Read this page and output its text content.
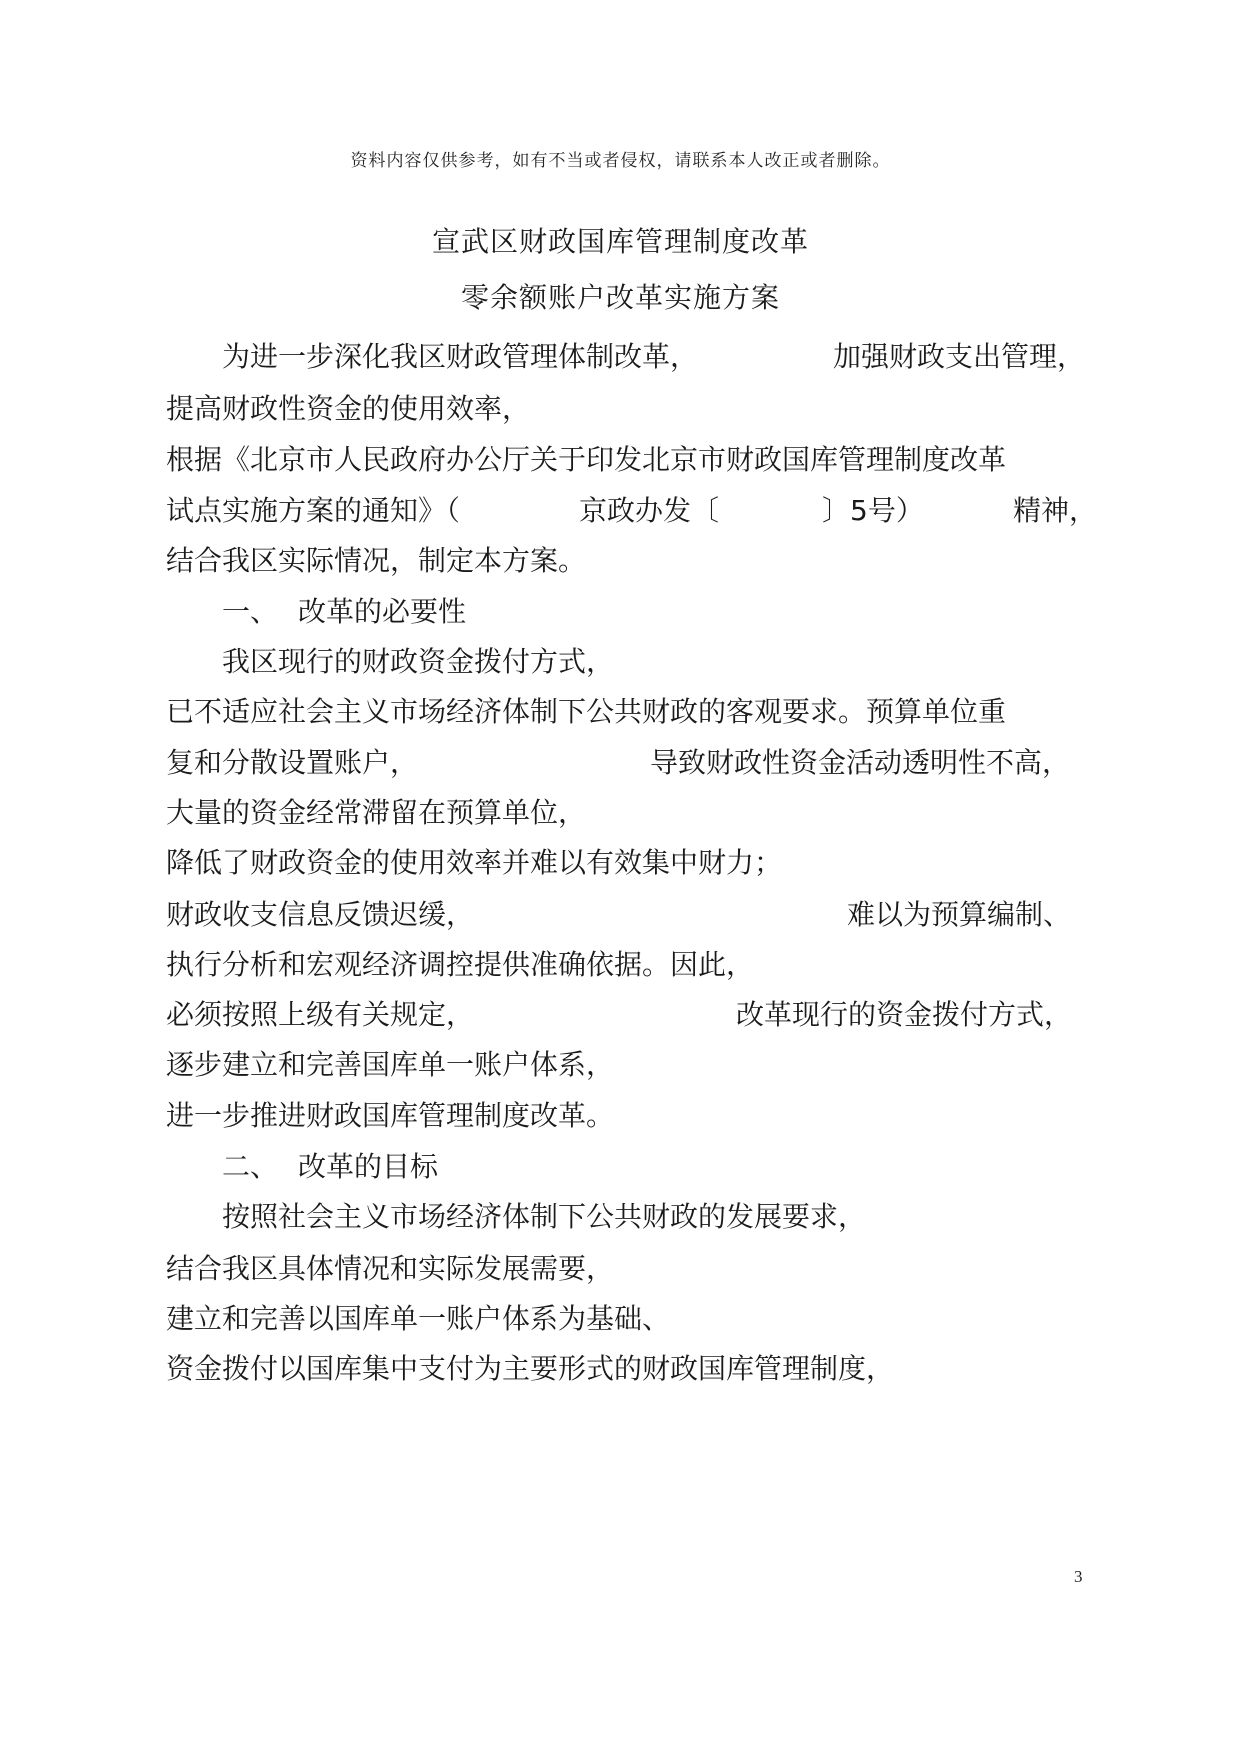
资料内容仅供参考，如有不当或者侵权，请联系本人改正或者删除。
宣武区财政国库管理制度改革
零余额账户改革实施方案
为进一步深化我区财政管理体制改革，	加强财政支出管理，
提高财政性资金的使用效率，
根据《北京市人民政府办公厅关于印发北京市财政国库管理制度改革
试点实施方案的通知》（	京政办发〔	〕5号）	精神，
结合我区实际情况，制定本方案。
一、 改革的必要性
我区现行的财政资金拨付方式，
已不适应社会主义市场经济体制下公共财政的客观要求。预算单位重
复和分散设置账户，	导致财政性资金活动透明性不高，
大量的资金经常滞留在预算单位，
降低了财政资金的使用效率并难以有效集中财力；
财政收支信息反馈迟缓，	难以为预算编制、
执行分析和宏观经济调控提供准确依据。因此，
必须按照上级有关规定，	改革现行的资金拨付方式，
逐步建立和完善国库单一账户体系，
进一步推进财政国库管理制度改革。
二、 改革的目标
按照社会主义市场经济体制下公共财政的发展要求，
结合我区具体情况和实际发展需要，
建立和完善以国库单一账户体系为基础、
资金拨付以国库集中支付为主要形式的财政国库管理制度，
3
